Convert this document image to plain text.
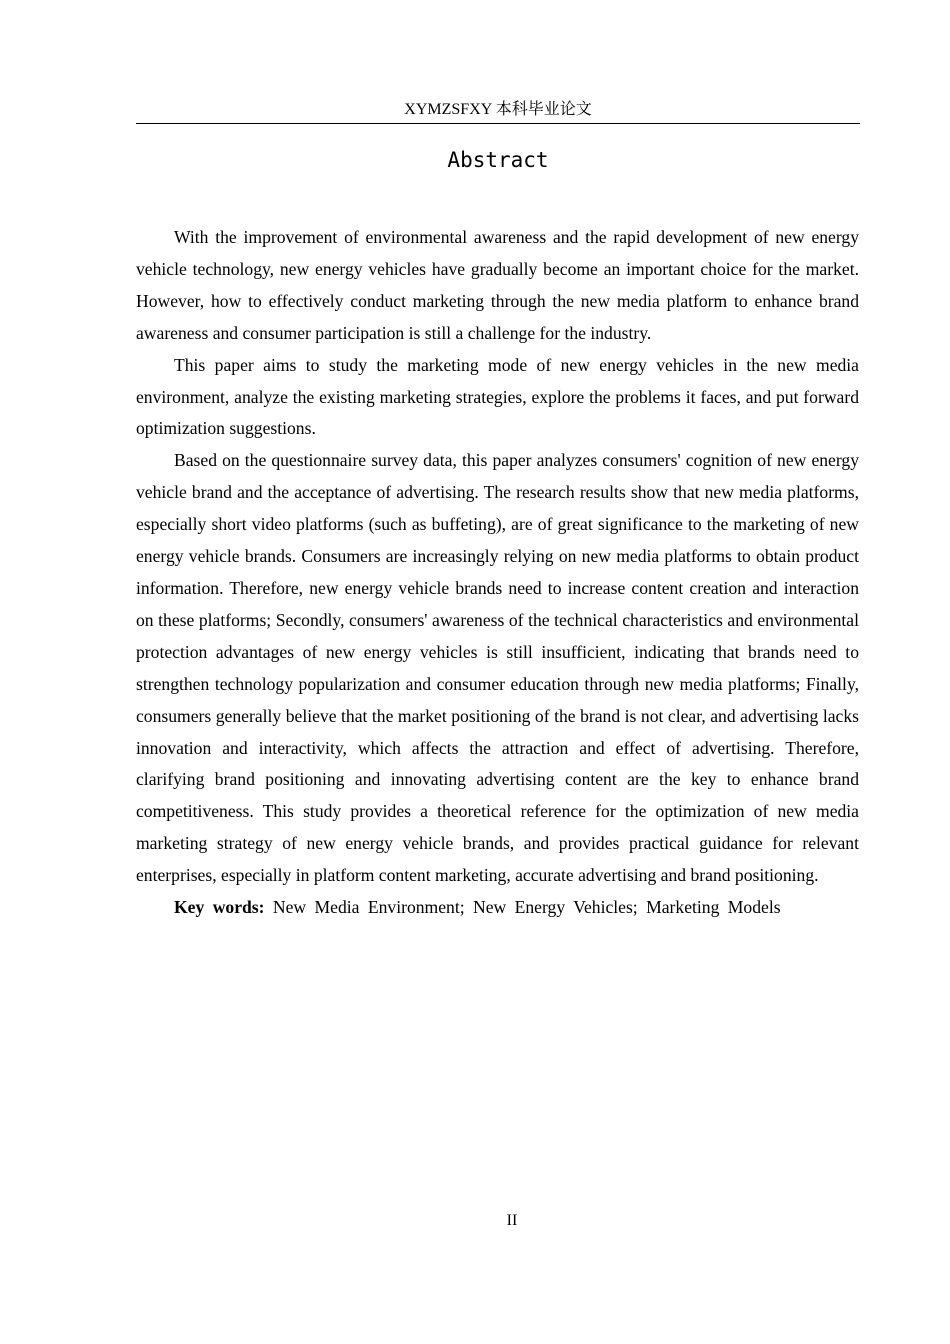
XYMZSFXY 本科毕业论文
Abstract

With the improvement of environmental awareness and the rapid development of new energy vehicle technology, new energy vehicles have gradually become an important choice for the market. However, how to effectively conduct marketing through the new media platform to enhance brand awareness and consumer participation is still a challenge for the industry.

This paper aims to study the marketing mode of new energy vehicles in the new media environment, analyze the existing marketing strategies, explore the problems it faces, and put forward optimization suggestions.

Based on the questionnaire survey data, this paper analyzes consumers' cognition of new energy vehicle brand and the acceptance of advertising. The research results show that new media platforms, especially short video platforms (such as buffeting), are of great significance to the marketing of new energy vehicle brands. Consumers are increasingly relying on new media platforms to obtain product information. Therefore, new energy vehicle brands need to increase content creation and interaction on these platforms; Secondly, consumers' awareness of the technical characteristics and environmental protection advantages of new energy vehicles is still insufficient, indicating that brands need to strengthen technology popularization and consumer education through new media platforms; Finally, consumers generally believe that the market positioning of the brand is not clear, and advertising lacks innovation and interactivity, which affects the attraction and effect of advertising. Therefore, clarifying brand positioning and innovating advertising content are the key to enhance brand competitiveness. This study provides a theoretical reference for the optimization of new media marketing strategy of new energy vehicle brands, and provides practical guidance for relevant enterprises, especially in platform content marketing, accurate advertising and brand positioning.

Key words: New Media Environment; New Energy Vehicles; Marketing Models

II
